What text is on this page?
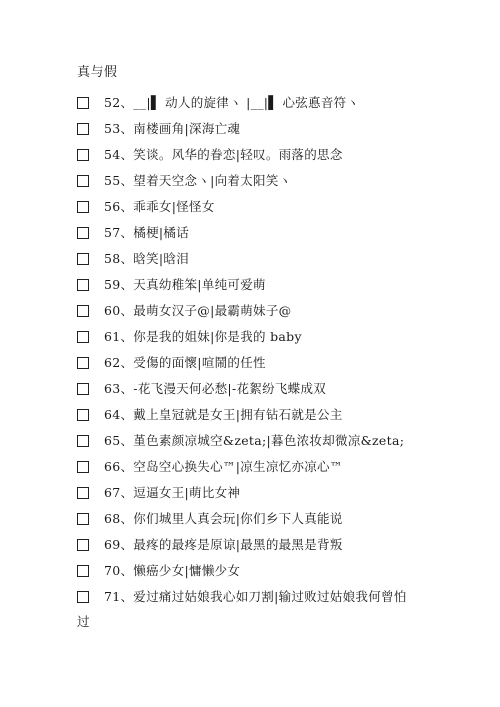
真与假
52、__|▌ 动人的旋律ヽ |__|▌ 心弦悳音符ヽ
53、南楼画角|深海亡魂
54、笑谈。风华的眷恋|轻叹。雨落的思念
55、望着天空念ヽ|向着太阳笑ヽ
56、乖乖女|怪怪女
57、橘梗|橘话
58、晗笑|晗泪
59、天真幼稚笨|单纯可爱萌
60、最萌女汉子@|最霸萌妹子@
61、你是我的姐妹|你是我的 baby
62、受傷的面懷|喧鬧的任性
63、-花飞漫天何必愁|-花絮纷飞蝶成双
64、戴上皇冠就是女王|拥有钻石就是公主
65、堇色素颜凉城空&zeta;|暮色浓妆却微凉&zeta;
66、空岛空心换失心™|凉生凉忆亦凉心™
67、逗逼女王|萌比女神
68、你们城里人真会玩|你们乡下人真能说
69、最疼的最疼是原谅|最黑的最黑是背叛
70、懒癌少女|慵懒少女
71、爱过痛过姑娘我心如刀割|输过败过姑娘我何曾怕
过
